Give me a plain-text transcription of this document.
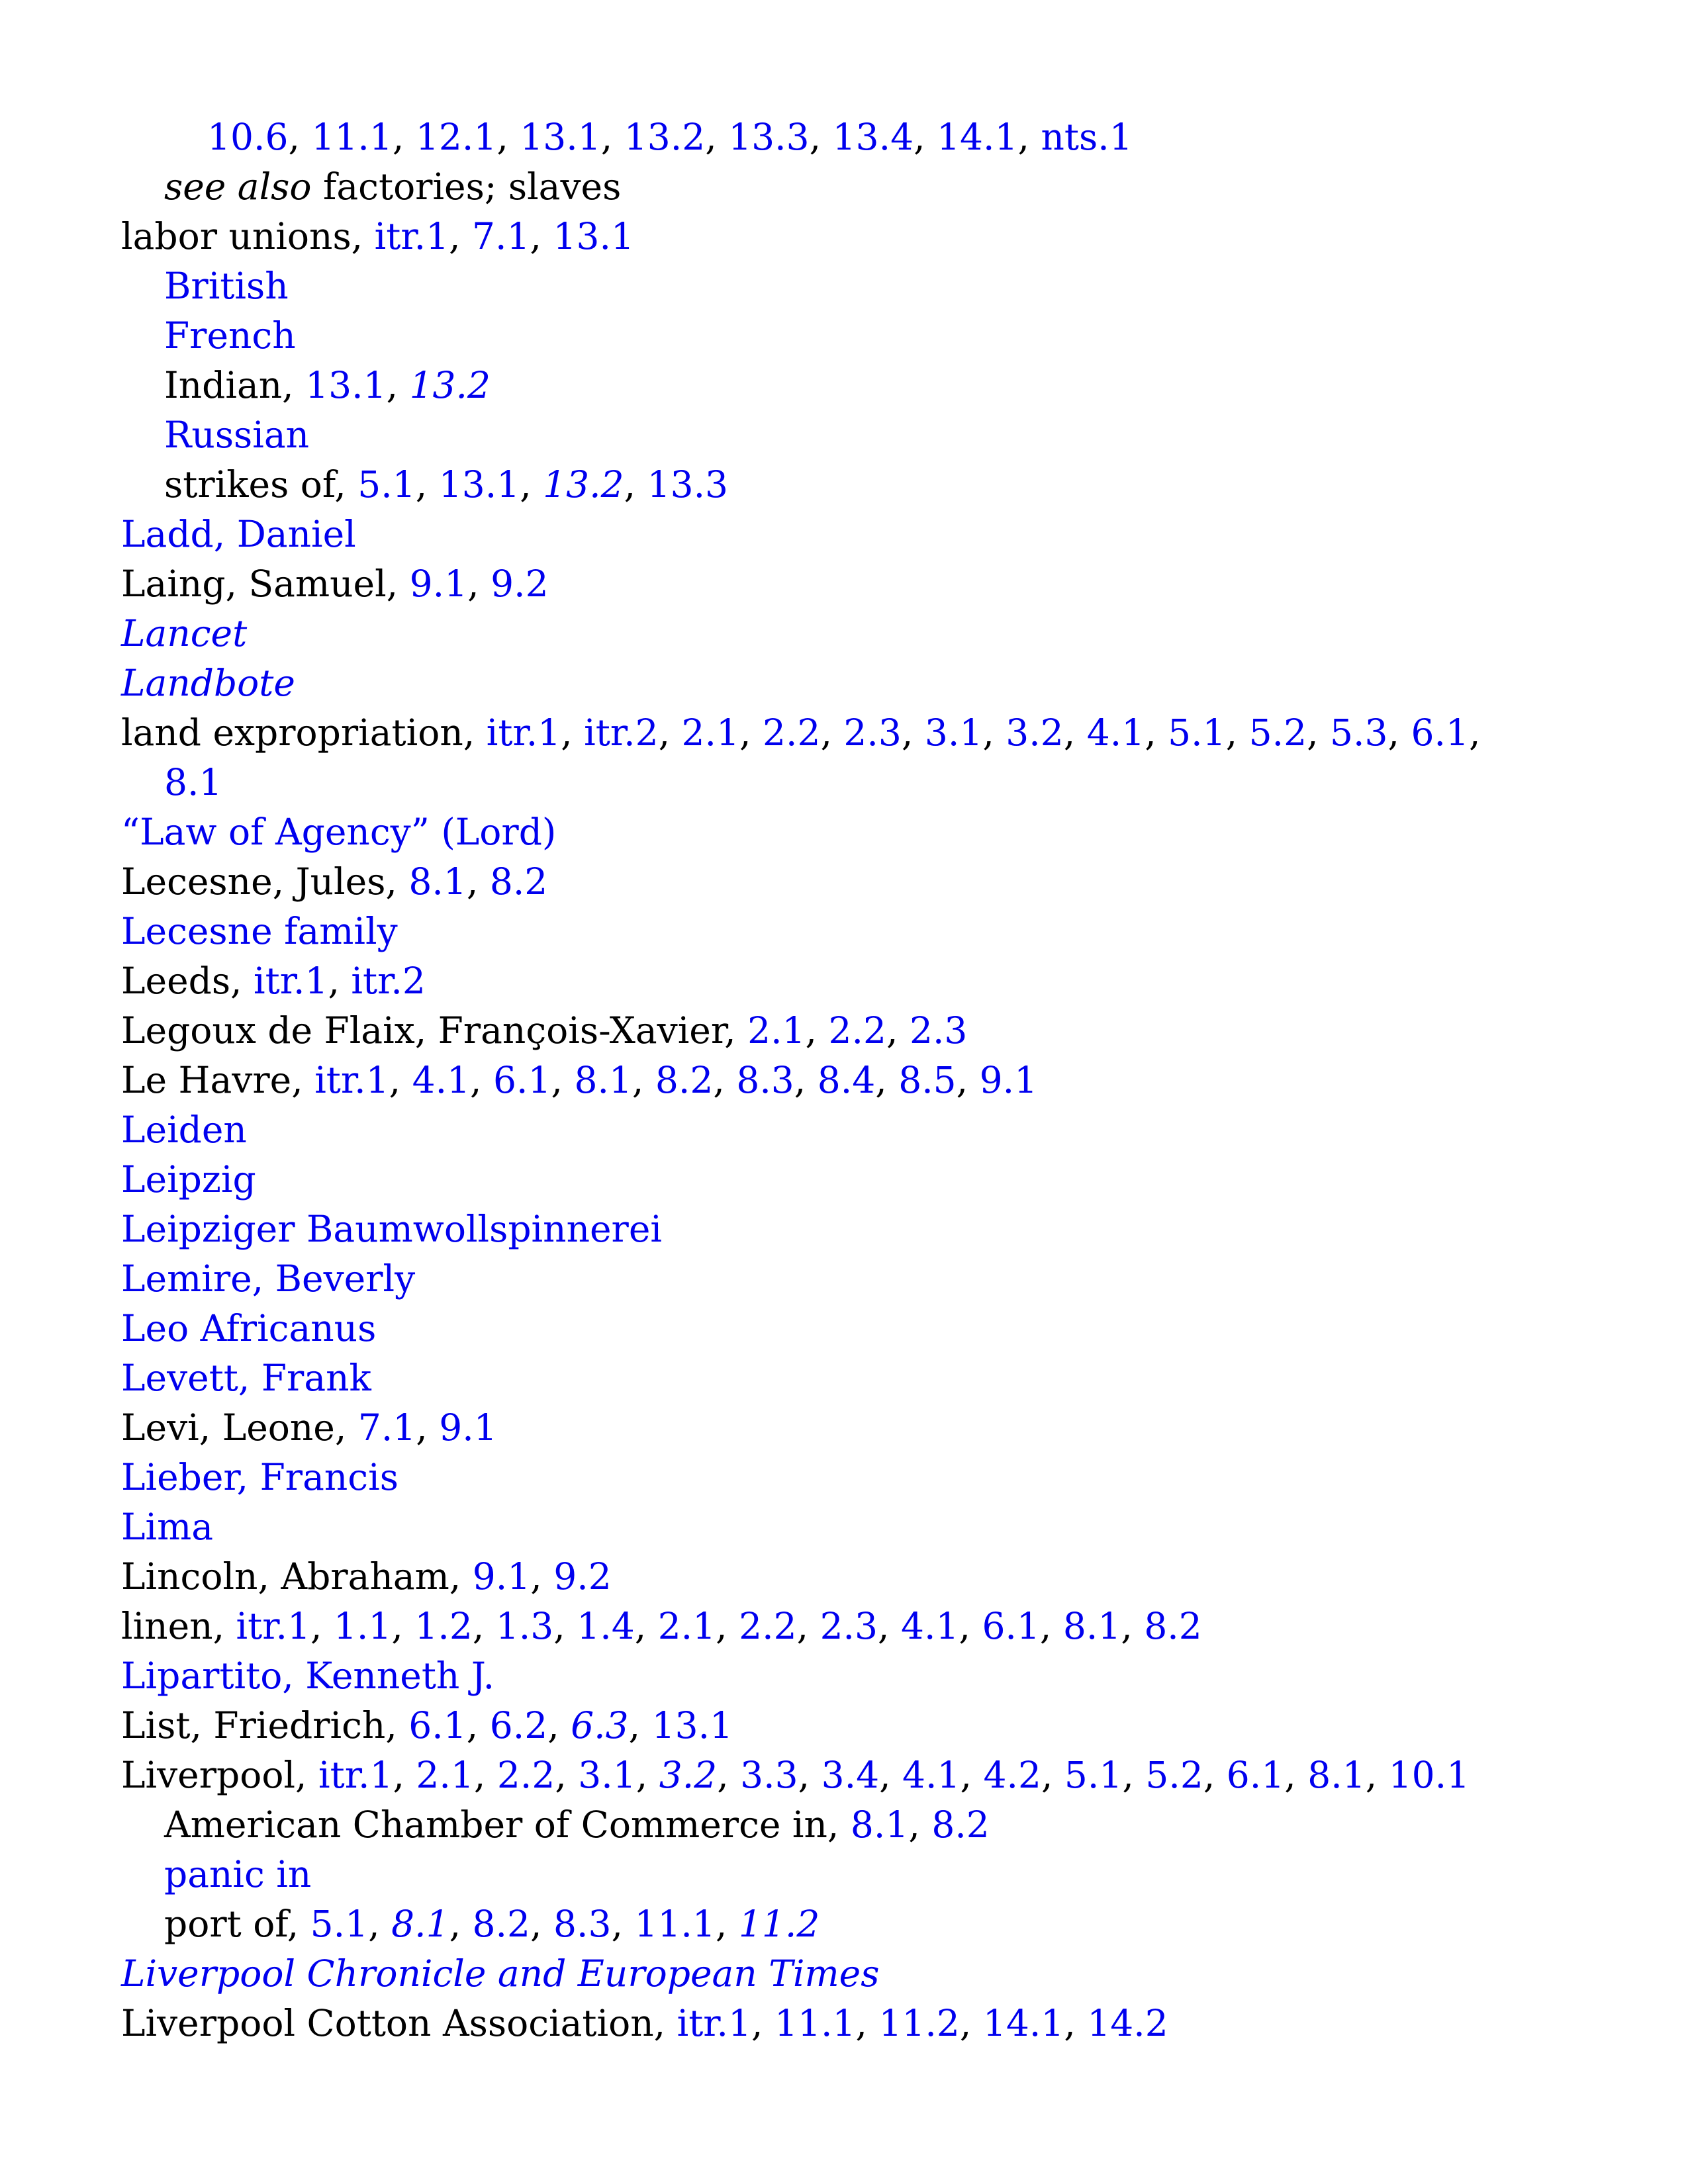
10.6, 11.1, 12.1, 13.1, 13.2, 13.3, 13.4, 14.1, nts.1
see also factories; slaves
labor unions, itr.1, 7.1, 13.1
British
French
Indian, 13.1, 13.2
Russian
strikes of, 5.1, 13.1, 13.2, 13.3
Ladd, Daniel
Laing, Samuel, 9.1, 9.2
Lancet
Landbote
land expropriation, itr.1, itr.2, 2.1, 2.2, 2.3, 3.1, 3.2, 4.1, 5.1, 5.2, 5.3, 6.1,
8.1
“Law of Agency” (Lord)
Lecesne, Jules, 8.1, 8.2
Lecesne family
Leeds, itr.1, itr.2
Legoux de Flaix, François-Xavier, 2.1, 2.2, 2.3
Le Havre, itr.1, 4.1, 6.1, 8.1, 8.2, 8.3, 8.4, 8.5, 9.1
Leiden
Leipzig
Leipziger Baumwollspinnerei
Lemire, Beverly
Leo Africanus
Levett, Frank
Levi, Leone, 7.1, 9.1
Lieber, Francis
Lima
Lincoln, Abraham, 9.1, 9.2
linen, itr.1, 1.1, 1.2, 1.3, 1.4, 2.1, 2.2, 2.3, 4.1, 6.1, 8.1, 8.2
Lipartito, Kenneth J.
List, Friedrich, 6.1, 6.2, 6.3, 13.1
Liverpool, itr.1, 2.1, 2.2, 3.1, 3.2, 3.3, 3.4, 4.1, 4.2, 5.1, 5.2, 6.1, 8.1, 10.1
American Chamber of Commerce in, 8.1, 8.2
panic in
port of, 5.1, 8.1, 8.2, 8.3, 11.1, 11.2
Liverpool Chronicle and European Times
Liverpool Cotton Association, itr.1, 11.1, 11.2, 14.1, 14.2
